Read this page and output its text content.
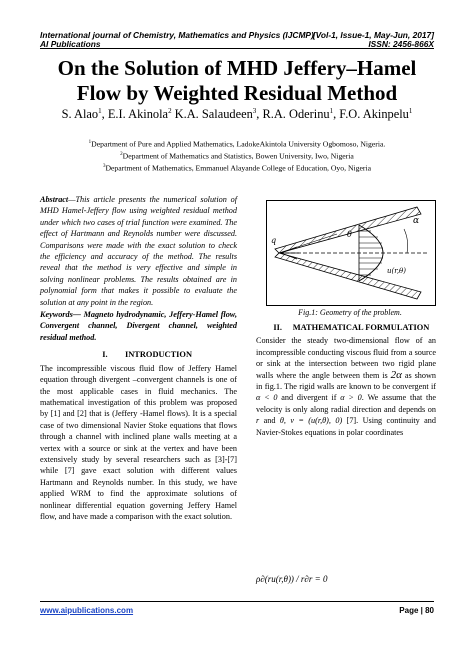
International journal of Chemistry, Mathematics and Physics (IJCMP)
AI Publications
[Vol-1, Issue-1, May-Jun, 2017]
ISSN: 2456-866X
On the Solution of MHD Jeffery–Hamel
Flow by Weighted Residual Method
S. Alao$^1$, E.I. Akinola$^2$ K.A. Salaudeen$^3$, R.A. Oderinu$^1$, F.O. Akinpelu$^1$
$^1$Department of Pure and Applied Mathematics, LadokeAkintola University Ogbomoso, Nigeria.
$^2$Department of Mathematics and Statistics, Bowen University, Iwo, Nigeria
$^3$Department of Mathematics, Emmanuel Alayande College of Education, Oyo, Nigeria

Abstract—This article presents the numerical solution of MHD Hamel-Jeffery flow using weighted residual method under which two cases of trial function were examined. The effect of Hartmann and Reynolds number were discussed. Comparisons were made with the exact solution to check the efficiency and accuracy of the method. The results reveal that the method is very effective and simple in solving nonlinear problems. The results obtained are in polynomial form that makes it possible to evaluate the solution at any point in the region.

Keywords— Magneto hydrodynamic, Jeffery-Hamel flow, Convergent channel, Divergent channel, weighted residual method.

I. INTRODUCTION

The incompressible viscous fluid flow of Jeffery Hamel equation through divergent –convergent channels is one of the most applicable cases in fluid mechanics. The mathematical investigation of this problem was proposed by [1] and [2] that is (Jeffery -Hamel flows). It is a special case of two dimensional Navier Stoke equations that flows through a channel with inclined plane walls meeting at a vertex with a source or sink at the vertex and have been extensively study by several researchers such as [3]-[7] while [7] gave exact solution with different values Hartmann and Reynolds number. In this study, we have applied WRM to find the approximate solutions of nonlinear differential equation governing Jeffery Hamel flow, and have made a comparison with the exact solution.

α
θ
q
u(r,θ)
Fig.1: Geometry of the problem.
II. MATHEMATICAL FORMULATION

Consider the steady two-dimensional flow of an incompressible conducting viscous fluid from a source or sink at the intersection between two rigid plane walls where the angle between them is 2α as shown in fig.1. The rigid walls are known to be convergent if α < 0 and divergent if α > 0. We assume that the velocity is only along radial direction and depends on r and θ, v = (u(r,θ), 0) [7]. Using continuity and Navier-Stokes equations in polar coordinates

ρ∂(ru(r,θ)) / r∂r = 0
www.aipublications.com	Page | 80
